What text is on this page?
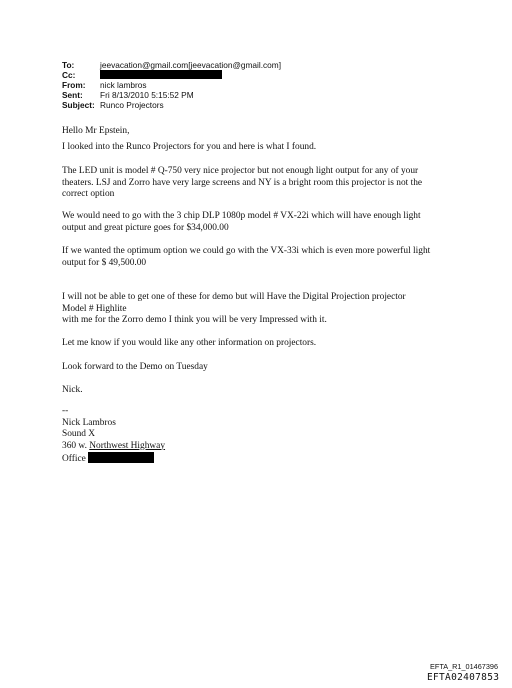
To:	jeevacation@gmail.com[jeevacation@gmail.com]
Cc:
From:	nick lambros
Sent:	Fri 8/13/2010 5:15:52 PM
Subject: Runco Projectors

Hello Mr Epstein,

I looked into the Runco Projectors for you and here is what I found.

The LED unit is model # Q-750 very nice projector but not enough light output for any of your
theaters. LSJ and Zorro have very large screens and NY is a bright room this projector is not the
correct option
We would need to go with the 3 chip DLP 1080p model # VX-22i which will have enough light
output and great picture goes for $34,000.00
If we wanted the optimum option we could go with the VX-33i which is even more powerful light
output for $ 49,500.00
I will not be able to get one of these for demo but will Have the Digital Projection projector
Model # Highlite
with me for the Zorro demo I think you will be very Impressed with it.

Let me know if you would like any other information on projectors.

Look forward to the Demo on Tuesday

Nick.

--
Nick Lambros
Sound X
360 w. Northwest Highway
Office
EFTA_R1_01467396
EFTA02407853
